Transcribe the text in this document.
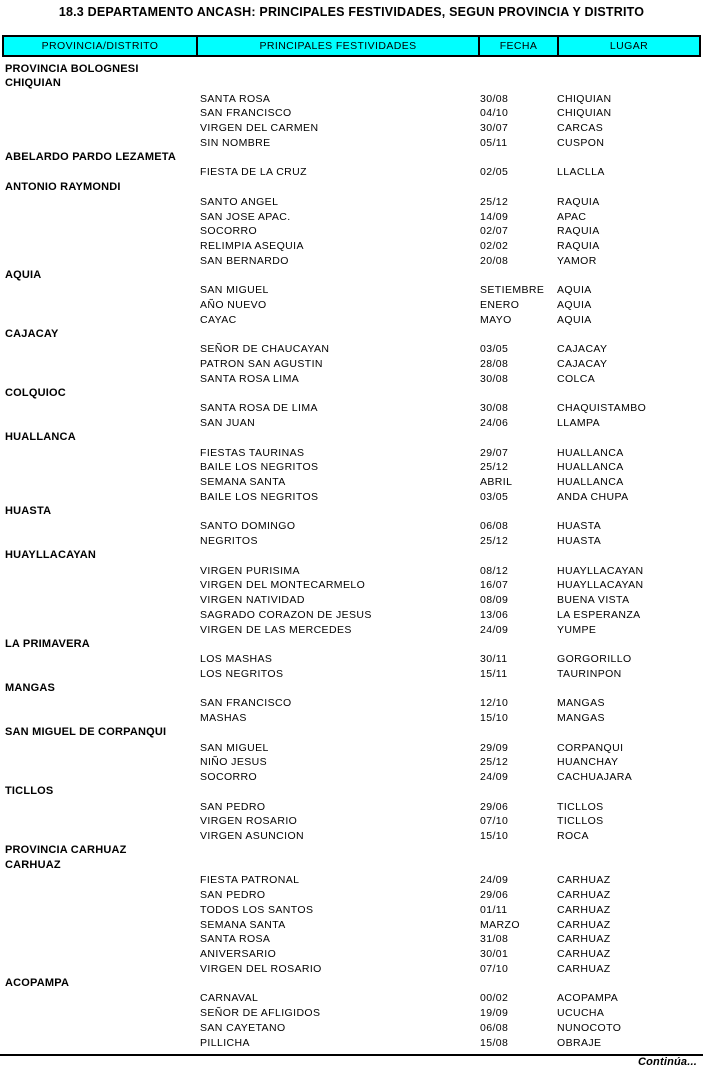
18.3 DEPARTAMENTO ANCASH: PRINCIPALES FESTIVIDADES, SEGUN PROVINCIA Y DISTRITO
PROVINCIA/DISTRITO	PRINCIPALES FESTIVIDADES	FECHA	LUGAR
PROVINCIA BOLOGNESI
CHIQUIAN
SANTA ROSA	30/08	CHIQUIAN
SAN FRANCISCO	04/10	CHIQUIAN
VIRGEN DEL CARMEN	30/07	CARCAS
SIN NOMBRE	05/11	CUSPON
ABELARDO PARDO LEZAMETA
FIESTA DE LA CRUZ	02/05	LLACLLA
ANTONIO RAYMONDI
SANTO ANGEL	25/12	RAQUIA
SAN JOSE APAC.	14/09	APAC
SOCORRO	02/07	RAQUIA
RELIMPIA ASEQUIA	02/02	RAQUIA
SAN BERNARDO	20/08	YAMOR
AQUIA
SAN MIGUEL	SETIEMBRE AQUIA
AÑO NUEVO	ENERO	AQUIA
CAYAC	MAYO	AQUIA
CAJACAY
SEÑOR DE CHAUCAYAN	03/05	CAJACAY
PATRON SAN AGUSTIN	28/08	CAJACAY
SANTA ROSA LIMA	30/08	COLCA
COLQUIOC
SANTA ROSA DE LIMA	30/08	CHAQUISTAMBO
SAN JUAN	24/06	LLAMPA
HUALLANCA
FIESTAS TAURINAS	29/07	HUALLANCA
BAILE LOS NEGRITOS	25/12	HUALLANCA
SEMANA SANTA	ABRIL	HUALLANCA
BAILE LOS NEGRITOS	03/05	ANDA CHUPA
HUASTA
SANTO DOMINGO	06/08	HUASTA
NEGRITOS	25/12	HUASTA
HUAYLLACAYAN
VIRGEN PURISIMA	08/12	HUAYLLACAYAN
VIRGEN DEL MONTECARMELO	16/07	HUAYLLACAYAN
VIRGEN NATIVIDAD	08/09	BUENA VISTA
SAGRADO CORAZON DE JESUS	13/06	LA ESPERANZA
VIRGEN DE LAS MERCEDES	24/09	YUMPE
LA PRIMAVERA
LOS MASHAS	30/11	GORGORILLO
LOS NEGRITOS	15/11	TAURINPON
MANGAS
SAN FRANCISCO	12/10	MANGAS
MASHAS	15/10	MANGAS
SAN MIGUEL DE CORPANQUI
SAN MIGUEL	29/09	CORPANQUI
NIÑO JESUS	25/12	HUANCHAY
SOCORRO	24/09	CACHUAJARA
TICLLOS
SAN PEDRO	29/06	TICLLOS
VIRGEN ROSARIO	07/10	TICLLOS
VIRGEN ASUNCION	15/10	ROCA
PROVINCIA CARHUAZ
CARHUAZ
FIESTA PATRONAL	24/09	CARHUAZ
SAN PEDRO	29/06	CARHUAZ
TODOS LOS SANTOS	01/11	CARHUAZ
SEMANA SANTA	MARZO	CARHUAZ
SANTA ROSA	31/08	CARHUAZ
ANIVERSARIO	30/01	CARHUAZ
VIRGEN DEL ROSARIO	07/10	CARHUAZ
ACOPAMPA
CARNAVAL	00/02	ACOPAMPA
SEÑOR DE AFLIGIDOS	19/09	UCUCHA
SAN CAYETANO	06/08	NUNOCOTO
PILLICHA	15/08	OBRAJE
Continúa...
